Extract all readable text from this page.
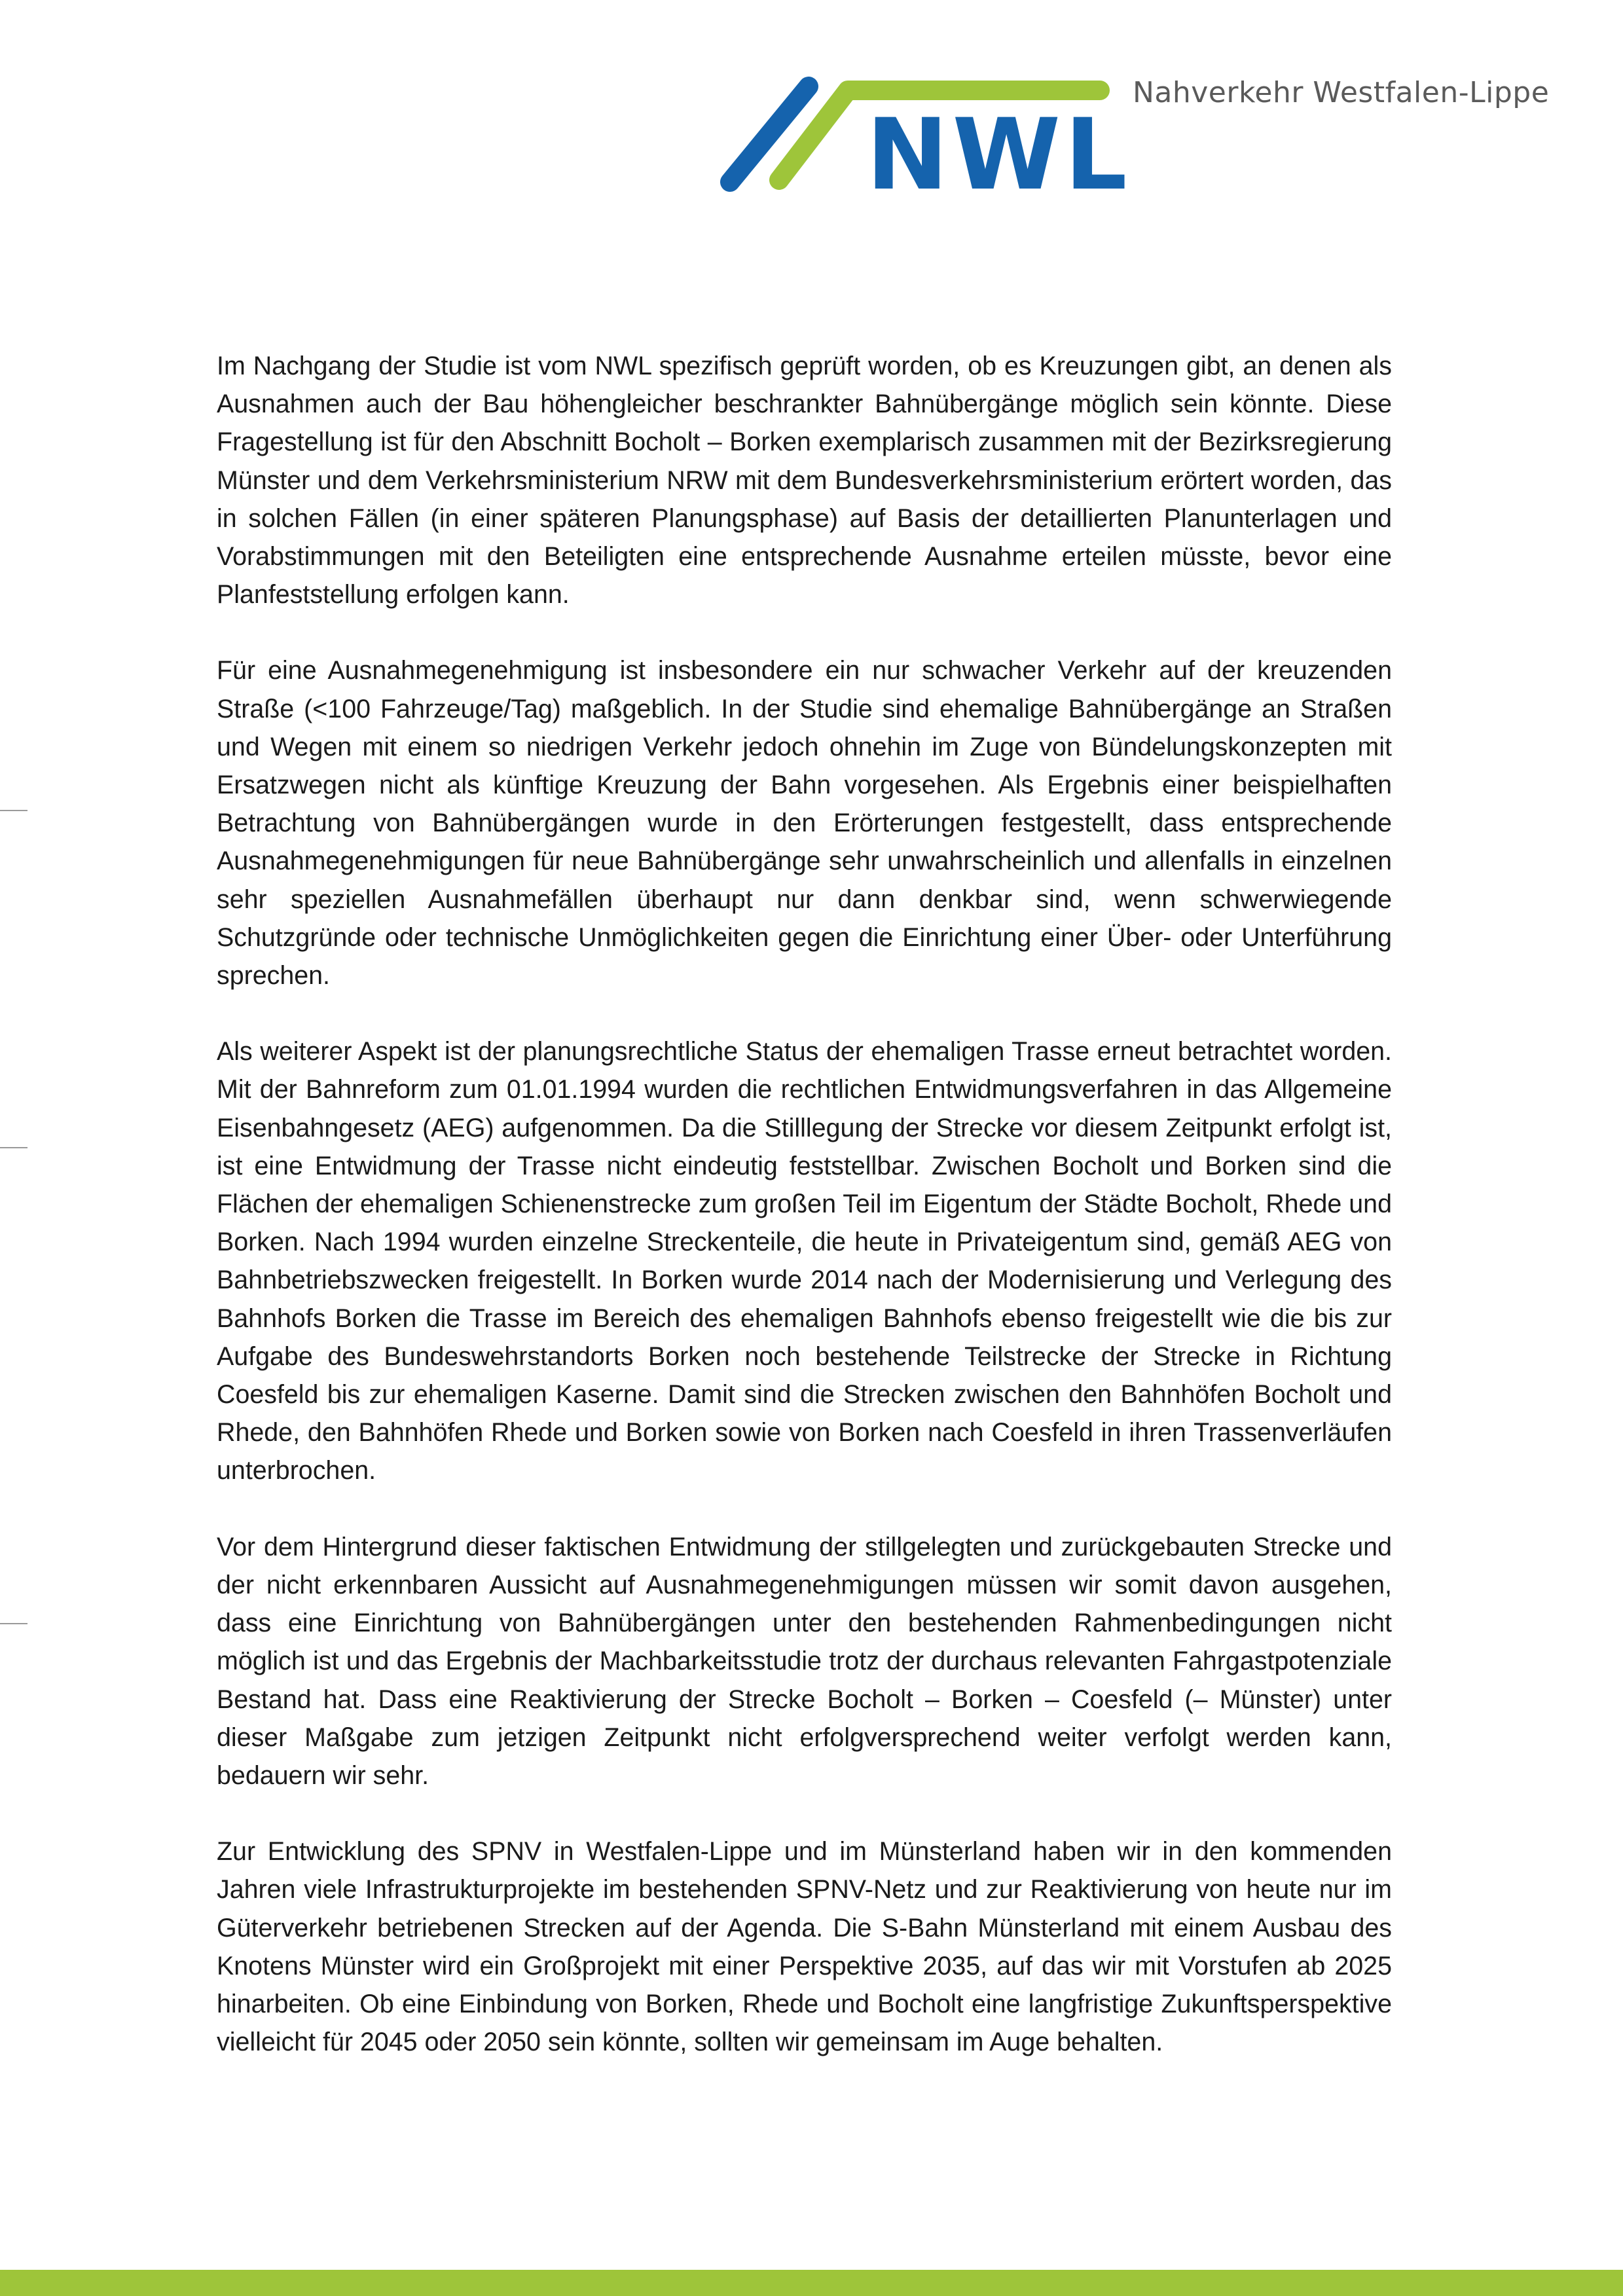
NWL
Nahverkehr Westfalen-Lippe

Im Nachgang der Studie ist vom NWL spezifisch geprüft worden, ob es Kreuzungen gibt, an denen als Ausnahmen auch der Bau höhengleicher beschrankter Bahnübergänge möglich sein könnte. Diese Fragestellung ist für den Abschnitt Bocholt – Borken exemplarisch zusammen mit der Bezirksregierung Münster und dem Verkehrsministerium NRW mit dem Bundesverkehrsministerium erörtert worden, das in solchen Fällen (in einer späteren Planungsphase) auf Basis der detaillierten Planunterlagen und Vorabstimmungen mit den Beteiligten eine entsprechende Ausnahme erteilen müsste, bevor eine Planfeststellung erfolgen kann.

Für eine Ausnahmegenehmigung ist insbesondere ein nur schwacher Verkehr auf der kreuzenden Straße (<100 Fahrzeuge/Tag) maßgeblich. In der Studie sind ehemalige Bahnübergänge an Straßen und Wegen mit einem so niedrigen Verkehr jedoch ohnehin im Zuge von Bündelungskonzepten mit Ersatzwegen nicht als künftige Kreuzung der Bahn vorgesehen. Als Ergebnis einer beispielhaften Betrachtung von Bahnübergängen wurde in den Erörterungen festgestellt, dass entsprechende Ausnahmegenehmigungen für neue Bahnübergänge sehr unwahrscheinlich und allenfalls in einzelnen sehr speziellen Ausnahmefällen überhaupt nur dann denkbar sind, wenn schwerwiegende Schutzgründe oder technische Unmöglichkeiten gegen die Einrichtung einer Über- oder Unterführung sprechen.

Als weiterer Aspekt ist der planungsrechtliche Status der ehemaligen Trasse erneut betrachtet worden. Mit der Bahnreform zum 01.01.1994 wurden die rechtlichen Entwidmungsverfahren in das Allgemeine Eisenbahngesetz (AEG) aufgenommen. Da die Stilllegung der Strecke vor diesem Zeitpunkt erfolgt ist, ist eine Entwidmung der Trasse nicht eindeutig feststellbar. Zwischen Bocholt und Borken sind die Flächen der ehemaligen Schienenstrecke zum großen Teil im Eigentum der Städte Bocholt, Rhede und Borken. Nach 1994 wurden einzelne Streckenteile, die heute in Privateigentum sind, gemäß AEG von Bahnbetriebszwecken freigestellt. In Borken wurde 2014 nach der Modernisierung und Verlegung des Bahnhofs Borken die Trasse im Bereich des ehemaligen Bahnhofs ebenso freigestellt wie die bis zur Aufgabe des Bundeswehrstandorts Borken noch bestehende Teilstrecke der Strecke in Richtung Coesfeld bis zur ehemaligen Kaserne. Damit sind die Strecken zwischen den Bahnhöfen Bocholt und Rhede, den Bahnhöfen Rhede und Borken sowie von Borken nach Coesfeld in ihren Trassenverläufen unterbrochen.

Vor dem Hintergrund dieser faktischen Entwidmung der stillgelegten und zurückgebauten Strecke und der nicht erkennbaren Aussicht auf Ausnahmegenehmigungen müssen wir somit davon ausgehen, dass eine Einrichtung von Bahnübergängen unter den bestehenden Rahmenbedingungen nicht möglich ist und das Ergebnis der Machbarkeitsstudie trotz der durchaus relevanten Fahrgastpotenziale Bestand hat. Dass eine Reaktivierung der Strecke Bocholt – Borken – Coesfeld (– Münster) unter dieser Maßgabe zum jetzigen Zeitpunkt nicht erfolgversprechend weiter verfolgt werden kann, bedauern wir sehr.

Zur Entwicklung des SPNV in Westfalen-Lippe und im Münsterland haben wir in den kommenden Jahren viele Infrastrukturprojekte im bestehenden SPNV-Netz und zur Reaktivierung von heute nur im Güterverkehr betriebenen Strecken auf der Agenda. Die S-Bahn Münsterland mit einem Ausbau des Knotens Münster wird ein Großprojekt mit einer Perspektive 2035, auf das wir mit Vorstufen ab 2025 hinarbeiten. Ob eine Einbindung von Borken, Rhede und Bocholt eine langfristige Zukunftsperspektive vielleicht für 2045 oder 2050 sein könnte, sollten wir gemeinsam im Auge behalten.
